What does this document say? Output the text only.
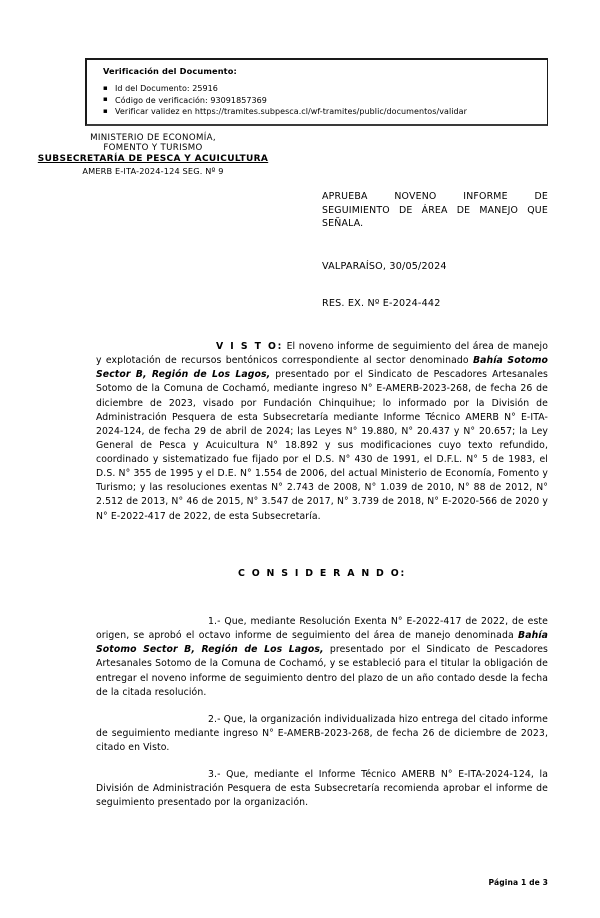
Verificación del Documento:
▪ Id del Documento: 25916
▪ Código de verificación: 93091857369
▪ Verificar validez en https://tramites.subpesca.cl/wf-tramites/public/documentos/validar
MINISTERIO DE ECONOMÍA,
FOMENTO Y TURISMO
SUBSECRETARÍA DE PESCA Y ACUICULTURA
AMERB E-ITA-2024-124 SEG. Nº 9
APRUEBA NOVENO INFORME DE SEGUIMIENTO DE ÁREA DE MANEJO QUE SEÑALA.
VALPARAÍSO, 30/05/2024
RES. EX. Nº E-2024-442

V I S T O: El noveno informe de seguimiento del área de manejo y explotación de recursos bentónicos correspondiente al sector denominado Bahía Sotomo Sector B, Región de Los Lagos, presentado por el Sindicato de Pescadores Artesanales Sotomo de la Comuna de Cochamó, mediante ingreso N° E-AMERB-2023-268, de fecha 26 de diciembre de 2023, visado por Fundación Chinquihue; lo informado por la División de Administración Pesquera de esta Subsecretaría mediante Informe Técnico AMERB N° E-ITA-2024-124, de fecha 29 de abril de 2024; las Leyes N° 19.880, N° 20.437 y N° 20.657; la Ley General de Pesca y Acuicultura N° 18.892 y sus modificaciones cuyo texto refundido, coordinado y sistematizado fue fijado por el D.S. N° 430 de 1991, el D.F.L. N° 5 de 1983, el D.S. N° 355 de 1995 y el D.E. N° 1.554 de 2006, del actual Ministerio de Economía, Fomento y Turismo; y las resoluciones exentas N° 2.743 de 2008, N° 1.039 de 2010, N° 88 de 2012, N° 2.512 de 2013, N° 46 de 2015, N° 3.547 de 2017, N° 3.739 de 2018, N° E-2020-566 de 2020 y N° E-2022-417 de 2022, de esta Subsecretaría.

C O N S I D E R A N D O:

1.- Que, mediante Resolución Exenta N° E-2022-417 de 2022, de este origen, se aprobó el octavo informe de seguimiento del área de manejo denominada Bahía Sotomo Sector B, Región de Los Lagos, presentado por el Sindicato de Pescadores Artesanales Sotomo de la Comuna de Cochamó, y se estableció para el titular la obligación de entregar el noveno informe de seguimiento dentro del plazo de un año contado desde la fecha de la citada resolución.

2.- Que, la organización individualizada hizo entrega del citado informe de seguimiento mediante ingreso N° E-AMERB-2023-268, de fecha 26 de diciembre de 2023, citado en Visto.

3.- Que, mediante el Informe Técnico AMERB N° E-ITA-2024-124, la División de Administración Pesquera de esta Subsecretaría recomienda aprobar el informe de seguimiento presentado por la organización.

Página 1 de 3
